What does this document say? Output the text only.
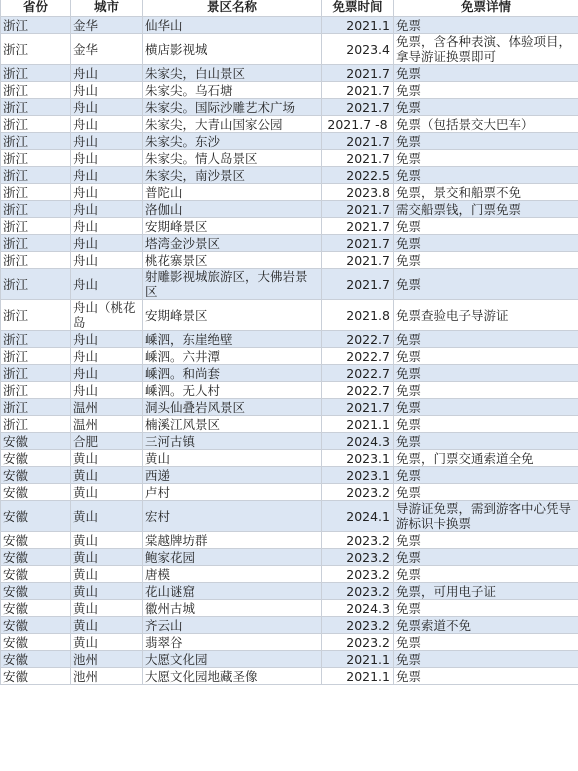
省份	城市	景区名称	免票时间	免票详情
浙江	金华	仙华山	2021.1	免票
浙江	金华	横店影视城	2023.4	免票，含各种表演、体验项目，拿导游证换票即可
浙江	舟山	朱家尖，白山景区	2021.7	免票
浙江	舟山	朱家尖。乌石塘	2021.7	免票
浙江	舟山	朱家尖。国际沙雕艺术广场	2021.7	免票
浙江	舟山	朱家尖，大青山国家公园	2021.7 -8	免票（包括景交大巴车）
浙江	舟山	朱家尖。东沙	2021.7	免票
浙江	舟山	朱家尖。情人岛景区	2021.7	免票
浙江	舟山	朱家尖，南沙景区	2022.5	免票
浙江	舟山	普陀山	2023.8	免票，景交和船票不免
浙江	舟山	洛伽山	2021.7	需交船票钱，门票免票
浙江	舟山	安期峰景区	2021.7	免票
浙江	舟山	塔湾金沙景区	2021.7	免票
浙江	舟山	桃花寨景区	2021.7	免票
浙江	舟山	射雕影视城旅游区，大佛岩景区	2021.7	免票
浙江	舟山（桃花岛	安期峰景区	2021.8	免票查验电子导游证
浙江	舟山	嵊泗，东崖绝壁	2022.7	免票
浙江	舟山	嵊泗。六井潭	2022.7	免票
浙江	舟山	嵊泗。和尚套	2022.7	免票
浙江	舟山	嵊泗。无人村	2022.7	免票
浙江	温州	洞头仙叠岩风景区	2021.7	免票
浙江	温州	楠溪江风景区	2021.1	免票
安徽	合肥	三河古镇	2024.3	免票
安徽	黄山	黄山	2023.1	免票，门票交通索道全免
安徽	黄山	西递	2023.1	免票
安徽	黄山	卢村	2023.2	免票
安徽	黄山	宏村	2024.1	导游证免票，需到游客中心凭导游标识卡换票
安徽	黄山	棠越牌坊群	2023.2	免票
安徽	黄山	鲍家花园	2023.2	免票
安徽	黄山	唐模	2023.2	免票
安徽	黄山	花山谜窟	2023.2	免票，可用电子证
安徽	黄山	徽州古城	2024.3	免票
安徽	黄山	齐云山	2023.2	免票索道不免
安徽	黄山	翡翠谷	2023.2	免票
安徽	池州	大愿文化园	2021.1	免票
安徽	池州	大愿文化园地藏圣像	2021.1	免票
